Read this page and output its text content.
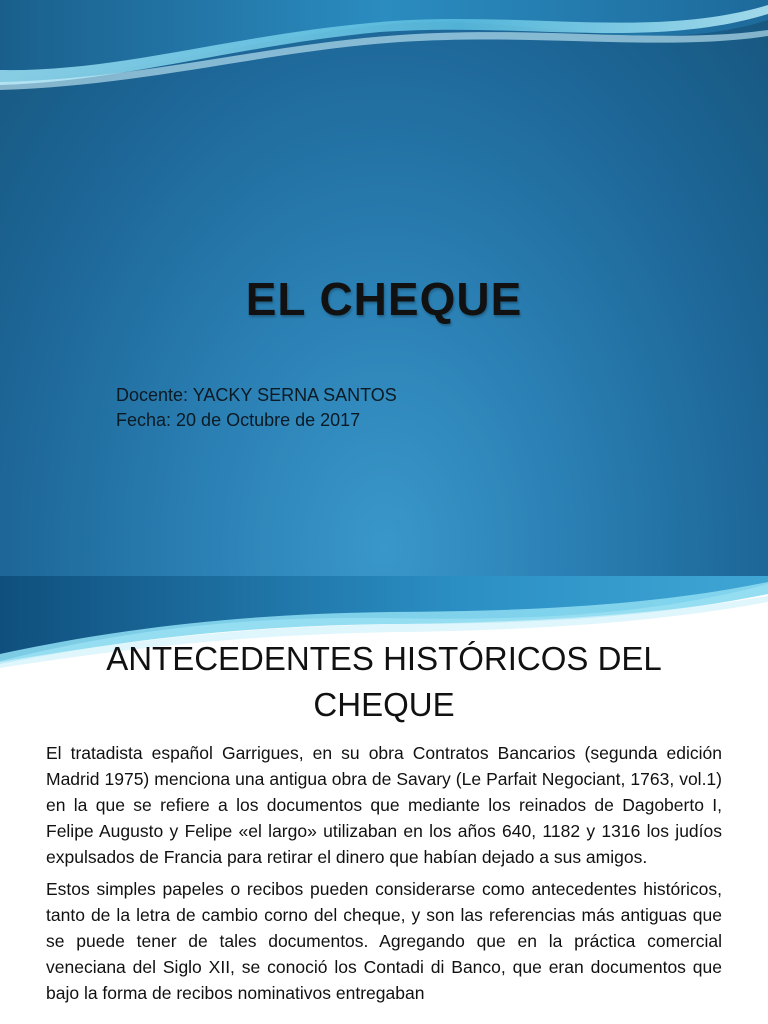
EL CHEQUE
Docente: YACKY SERNA SANTOS
Fecha: 20 de Octubre de 2017
ANTECEDENTES HISTÓRICOS DEL
CHEQUE

El tratadista español Garrigues, en su obra Contratos Bancarios (segunda edición Madrid 1975) menciona una antigua obra de Savary (Le Parfait Negociant, 1763, vol.1) en la que se refiere a los documentos que mediante los reinados de Dagoberto I, Felipe Augusto y Felipe «el largo» utilizaban en los años 640, 1182 y 1316 los judíos expulsados de Francia para retirar el dinero que habían dejado a sus amigos.

Estos simples papeles o recibos pueden considerarse como antecedentes históricos, tanto de la letra de cambio corno del cheque, y son las referencias más antiguas que se puede tener de tales documentos. Agregando que en la práctica comercial veneciana del Siglo XII, se conoció los Contadi di Banco, que eran documentos que bajo la forma de recibos nominativos entregaban
